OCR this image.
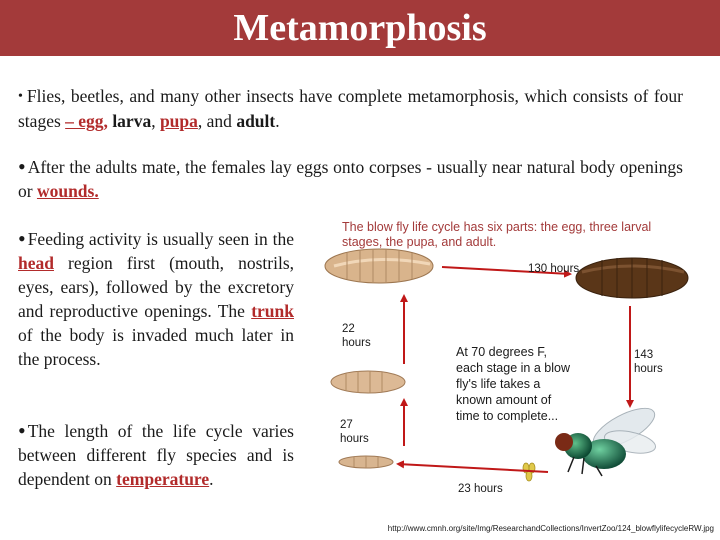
Metamorphosis
• Flies, beetles, and many other insects have complete metamorphosis, which consists of four stages – egg, larva, pupa, and adult.
• After the adults mate, the females lay eggs onto corpses - usually near natural body openings or wounds.
• Feeding activity is usually seen in the head region first (mouth, nostrils, eyes, ears), followed by the excretory and reproductive openings. The trunk of the body is invaded much later in the process.
• The length of the life cycle varies between different fly species and is dependent on temperature.
The blow fly life cycle has six parts: the egg, three larval stages, the pupa, and adult.
130 hours
143
hours
22
hours
27
hours
23 hours
At 70 degrees F, each stage in a blow fly's life takes a known amount of time to complete...
http://www.cmnh.org/site/Img/ResearchandCollections/InvertZoo/124_blowflylifecycleRW.jpg
